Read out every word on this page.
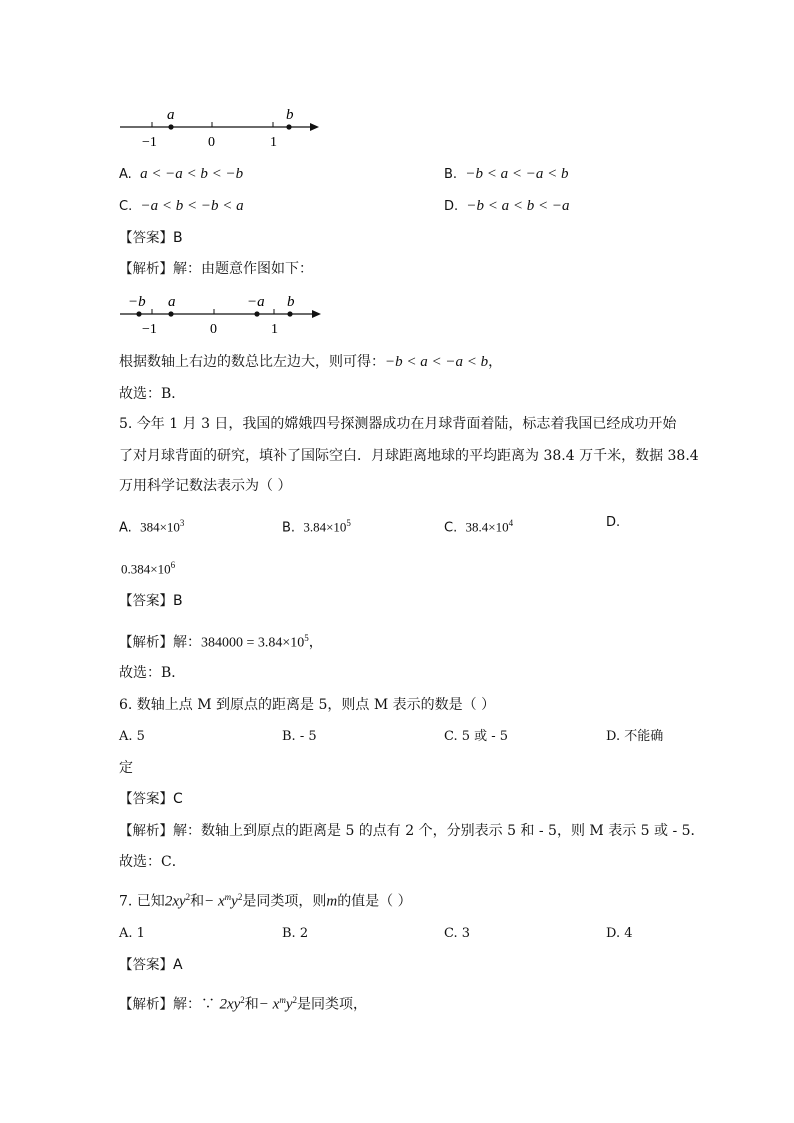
a	b
−1	0	1
A. a < −a < b < −b	B. −b < a < −a < b
C. −a < b < −b < a	D. −b < a < b < −a
【答案】B
【解析】解：由题意作图如下：
−b a	−a b
−1	0	1
根据数轴上右边的数总比左边大，则可得：−b < a < −a < b，
故选：B．
5. 今年 1 月 3 日，我国的嫦娥四号探测器成功在月球背面着陆，标志着我国已经成功开始
了对月球背面的研究，填补了国际空白．月球距离地球的平均距离为 38.4 万千米，数据 38.4
万用科学记数法表示为（ ）
A. $384\times 10^3$	B. $3.84\times 10^5$	C. $38.4\times 10^4$	D.
$0.384\times 10^6$
【答案】B
【解析】解：$384000 = 3.84\times 10^5$，
故选：B．
6. 数轴上点 M 到原点的距离是 5，则点 M 表示的数是（ ）
A. 5	B. - 5	C. 5 或 - 5	D. 不能确
定
【答案】C
【解析】解：数轴上到原点的距离是 5 的点有 2 个，分别表示 5 和 - 5，则 M 表示 5 或 - 5．
故选：C．
7. 已知$2xy^2$和− $x^my^2$是同类项，则m的值是（ ）
A. 1	B. 2	C. 3	D. 4
【答案】A
【解析】解：∵ $2xy^2$和− $x^my^2$是同类项，
